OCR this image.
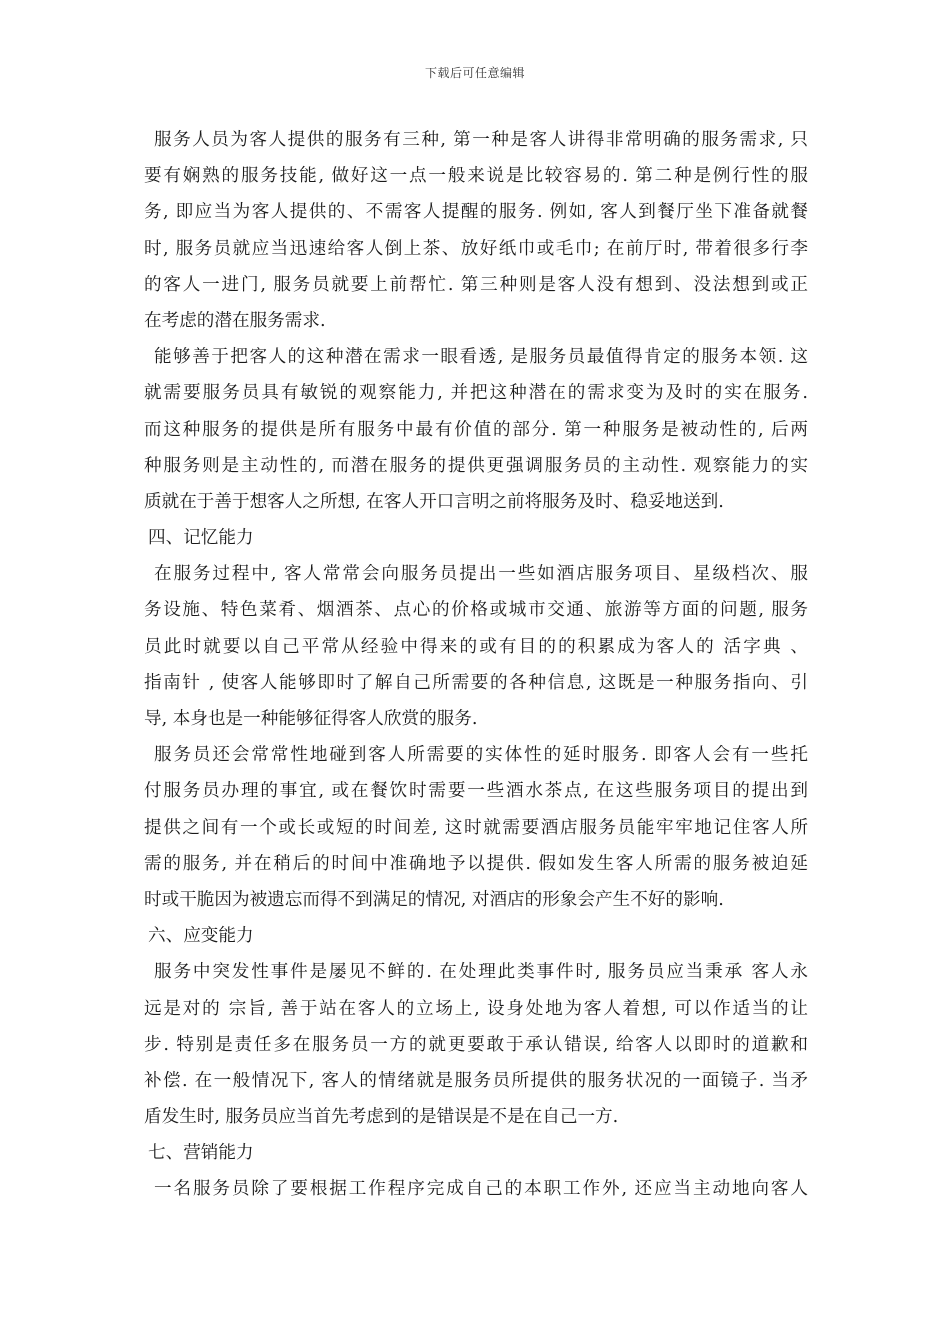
下载后可任意编辑
服务人员为客人提供的服务有三种, 第一种是客人讲得非常明确的服务需求, 只
要有娴熟的服务技能, 做好这一点一般来说是比较容易的. 第二种是例行性的服
务, 即应当为客人提供的、不需客人提醒的服务. 例如, 客人到餐厅坐下准备就餐
时, 服务员就应当迅速给客人倒上茶、放好纸巾或毛巾; 在前厅时, 带着很多行李
的客人一进门, 服务员就要上前帮忙. 第三种则是客人没有想到、没法想到或正
在考虑的潜在服务需求.
能够善于把客人的这种潜在需求一眼看透, 是服务员最值得肯定的服务本领. 这
就需要服务员具有敏锐的观察能力, 并把这种潜在的需求变为及时的实在服务.
而这种服务的提供是所有服务中最有价值的部分. 第一种服务是被动性的, 后两
种服务则是主动性的, 而潜在服务的提供更强调服务员的主动性. 观察能力的实
质就在于善于想客人之所想, 在客人开口言明之前将服务及时、稳妥地送到.
四、记忆能力
在服务过程中, 客人常常会向服务员提出一些如酒店服务项目、星级档次、服
务设施、特色菜肴、烟酒茶、点心的价格或城市交通、旅游等方面的问题, 服务
员此时就要以自己平常从经验中得来的或有目的的积累成为客人的 活字典 、
指南针 , 使客人能够即时了解自己所需要的各种信息, 这既是一种服务指向、引
导, 本身也是一种能够征得客人欣赏的服务.
服务员还会常常性地碰到客人所需要的实体性的延时服务. 即客人会有一些托
付服务员办理的事宜, 或在餐饮时需要一些酒水茶点, 在这些服务项目的提出到
提供之间有一个或长或短的时间差, 这时就需要酒店服务员能牢牢地记住客人所
需的服务, 并在稍后的时间中准确地予以提供. 假如发生客人所需的服务被迫延
时或干脆因为被遗忘而得不到满足的情况, 对酒店的形象会产生不好的影响.
六、应变能力
服务中突发性事件是屡见不鲜的. 在处理此类事件时, 服务员应当秉承 客人永
远是对的 宗旨, 善于站在客人的立场上, 设身处地为客人着想, 可以作适当的让
步. 特别是责任多在服务员一方的就更要敢于承认错误, 给客人以即时的道歉和
补偿. 在一般情况下, 客人的情绪就是服务员所提供的服务状况的一面镜子. 当矛
盾发生时, 服务员应当首先考虑到的是错误是不是在自己一方.
七、营销能力
一名服务员除了要根据工作程序完成自己的本职工作外, 还应当主动地向客人
